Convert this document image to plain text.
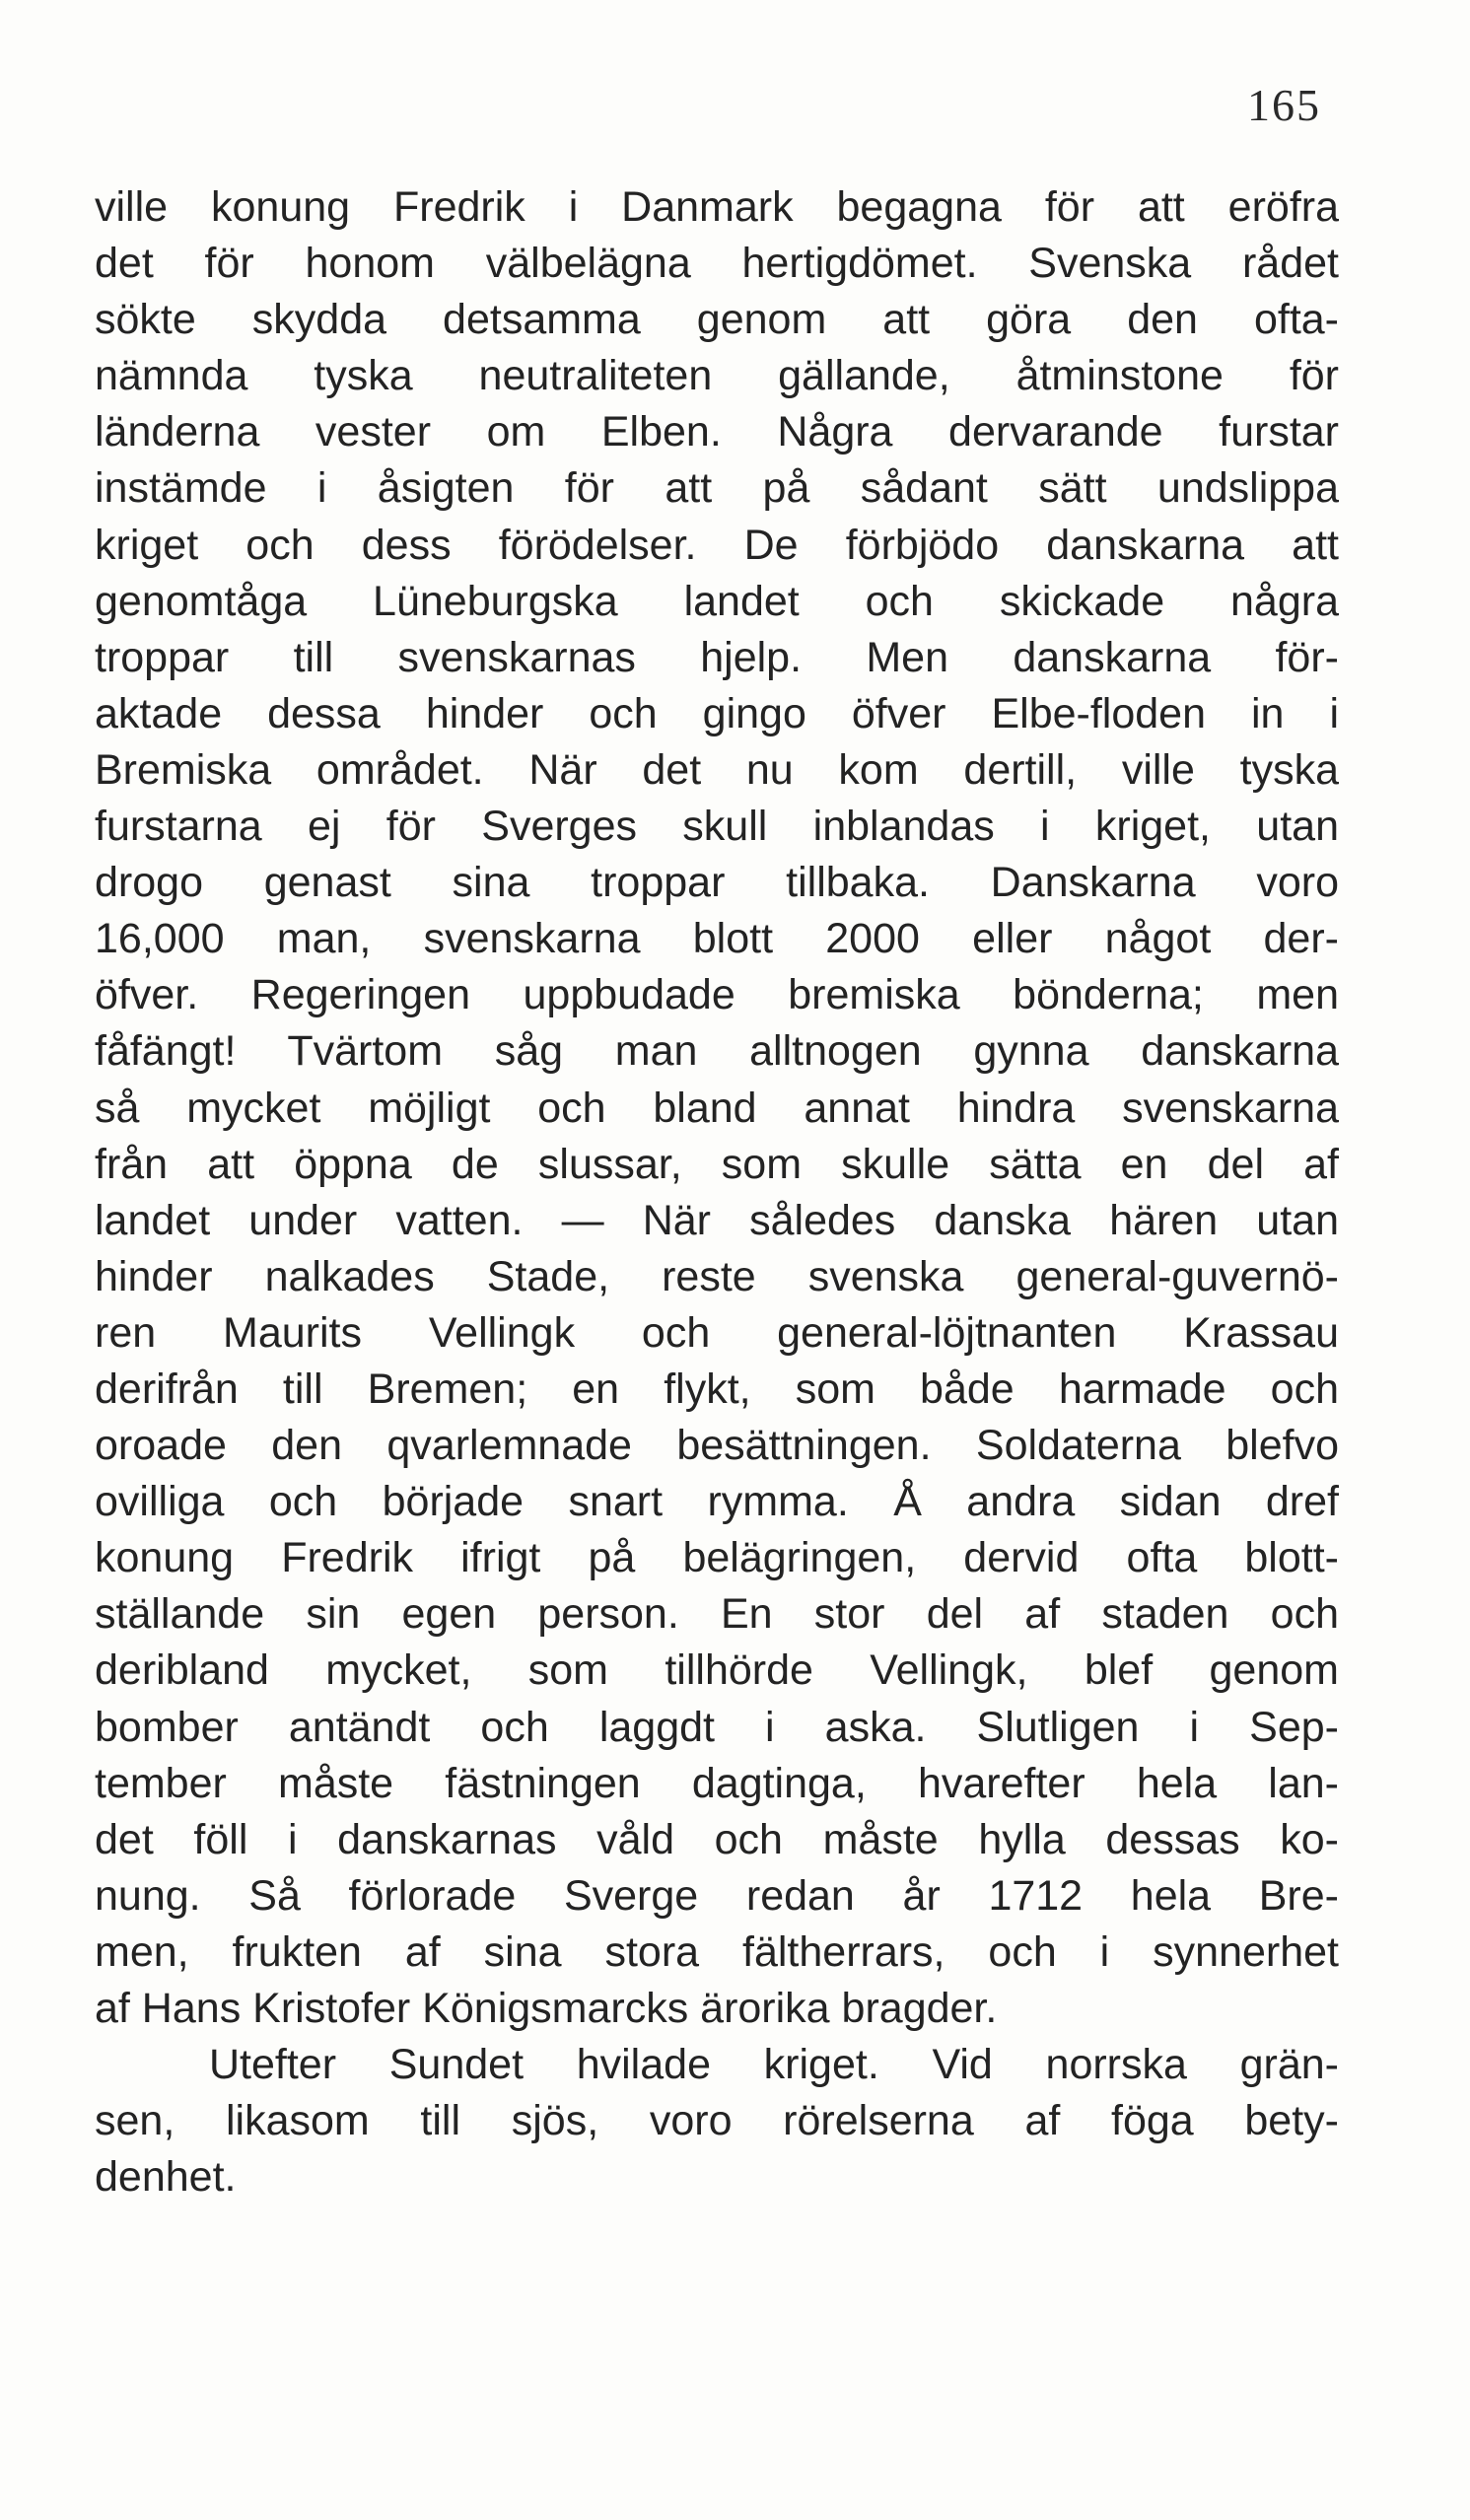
165
ville konung Fredrik i Danmark begagna för att eröfra
det för honom välbelägna hertigdömet. Svenska rådet
sökte skydda detsamma genom att göra den ofta-
nämnda tyska neutraliteten gällande, åtminstone för
länderna vester om Elben. Några dervarande furstar
instämde i åsigten för att på sådant sätt undslippa
kriget och dess förödelser. De förbjödo danskarna att
genomtåga Lüneburgska landet och skickade några
troppar till svenskarnas hjelp. Men danskarna för-
aktade dessa hinder och gingo öfver Elbe-floden in i
Bremiska området. När det nu kom dertill, ville tyska
furstarna ej för Sverges skull inblandas i kriget, utan
drogo genast sina troppar tillbaka. Danskarna voro
16,000 man, svenskarna blott 2000 eller något der-
öfver. Regeringen uppbudade bremiska bönderna; men
fåfängt! Tvärtom såg man alltnogen gynna danskarna
så mycket möjligt och bland annat hindra svenskarna
från att öppna de slussar, som skulle sätta en del af
landet under vatten. — När således danska hären utan
hinder nalkades Stade, reste svenska general-guvernö-
ren Maurits Vellingk och general-löjtnanten Krassau
derifrån till Bremen; en flykt, som både harmade och
oroade den qvarlemnade besättningen. Soldaterna blefvo
ovilliga och började snart rymma. Å andra sidan dref
konung Fredrik ifrigt på belägringen, dervid ofta blott-
ställande sin egen person. En stor del af staden och
deribland mycket, som tillhörde Vellingk, blef genom
bomber antändt och laggdt i aska. Slutligen i Sep-
tember måste fästningen dagtinga, hvarefter hela lan-
det föll i danskarnas våld och måste hylla dessas ko-
nung. Så förlorade Sverge redan år 1712 hela Bre-
men, frukten af sina stora fältherrars, och i synnerhet
af Hans Kristofer Königsmarcks ärorika bragder.
Utefter Sundet hvilade kriget. Vid norrska grän-
sen, likasom till sjös, voro rörelserna af föga bety-
denhet.
